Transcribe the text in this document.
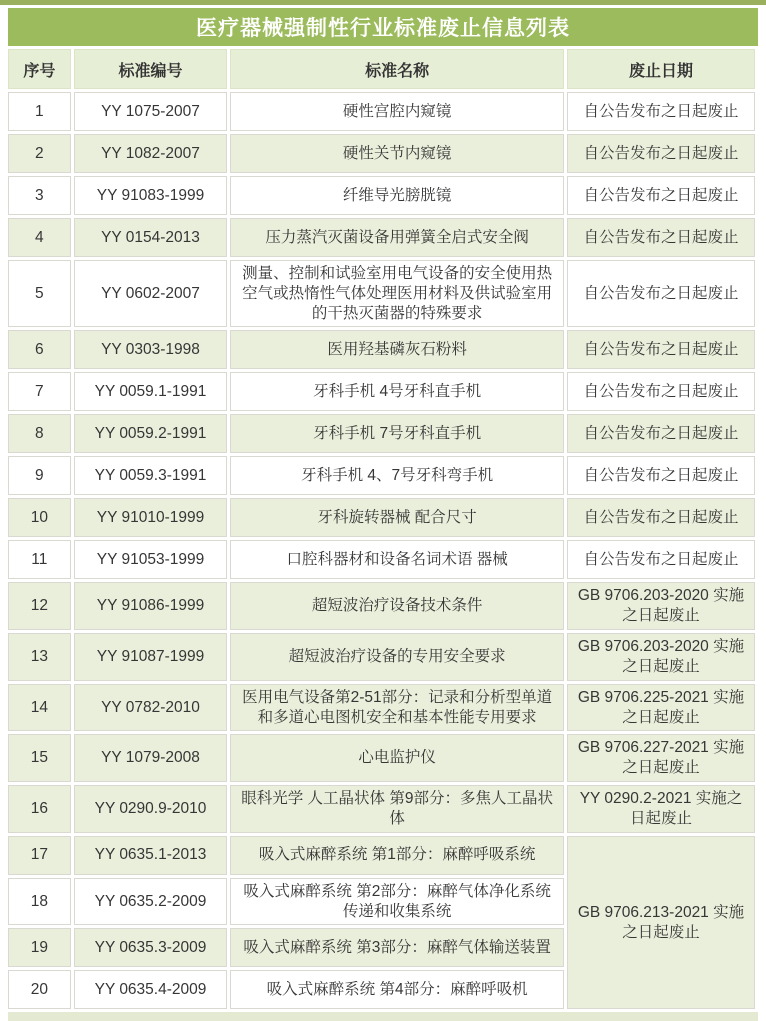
医疗器械强制性行业标准废止信息列表
序号	标准编号	标准名称	废止日期
1	YY 1075-2007	硬性宫腔内窥镜	自公告发布之日起废止
2	YY 1082-2007	硬性关节内窥镜	自公告发布之日起废止
3	YY 91083-1999	纤维导光膀胱镜	自公告发布之日起废止
4	YY 0154-2013	压力蒸汽灭菌设备用弹簧全启式安全阀	自公告发布之日起废止
5	YY 0602-2007	测量、控制和试验室用电气设备的安全使用热空气或热惰性气体处理医用材料及供试验室用的干热灭菌器的特殊要求	自公告发布之日起废止
6	YY 0303-1998	医用羟基磷灰石粉料	自公告发布之日起废止
7	YY 0059.1-1991	牙科手机 4号牙科直手机	自公告发布之日起废止
8	YY 0059.2-1991	牙科手机 7号牙科直手机	自公告发布之日起废止
9	YY 0059.3-1991	牙科手机 4、7号牙科弯手机	自公告发布之日起废止
10	YY 91010-1999	牙科旋转器械 配合尺寸	自公告发布之日起废止
11	YY 91053-1999	口腔科器材和设备名词术语 器械	自公告发布之日起废止
12	YY 91086-1999	超短波治疗设备技术条件	GB 9706.203-2020 实施之日起废止
13	YY 91087-1999	超短波治疗设备的专用安全要求	GB 9706.203-2020 实施之日起废止
14	YY 0782-2010	医用电气设备第2-51部分：记录和分析型单道和多道心电图机安全和基本性能专用要求	GB 9706.225-2021 实施之日起废止
15	YY 1079-2008	心电监护仪	GB 9706.227-2021 实施之日起废止
16	YY 0290.9-2010	眼科光学 人工晶状体 第9部分：多焦人工晶状体	YY 0290.2-2021 实施之日起废止
17	YY 0635.1-2013	吸入式麻醉系统 第1部分：麻醉呼吸系统	GB 9706.213-2021 实施之日起废止
18	YY 0635.2-2009	吸入式麻醉系统 第2部分：麻醉气体净化系统传递和收集系统	
19	YY 0635.3-2009	吸入式麻醉系统 第3部分：麻醉气体输送装置	
20	YY 0635.4-2009	吸入式麻醉系统 第4部分：麻醉呼吸机	
